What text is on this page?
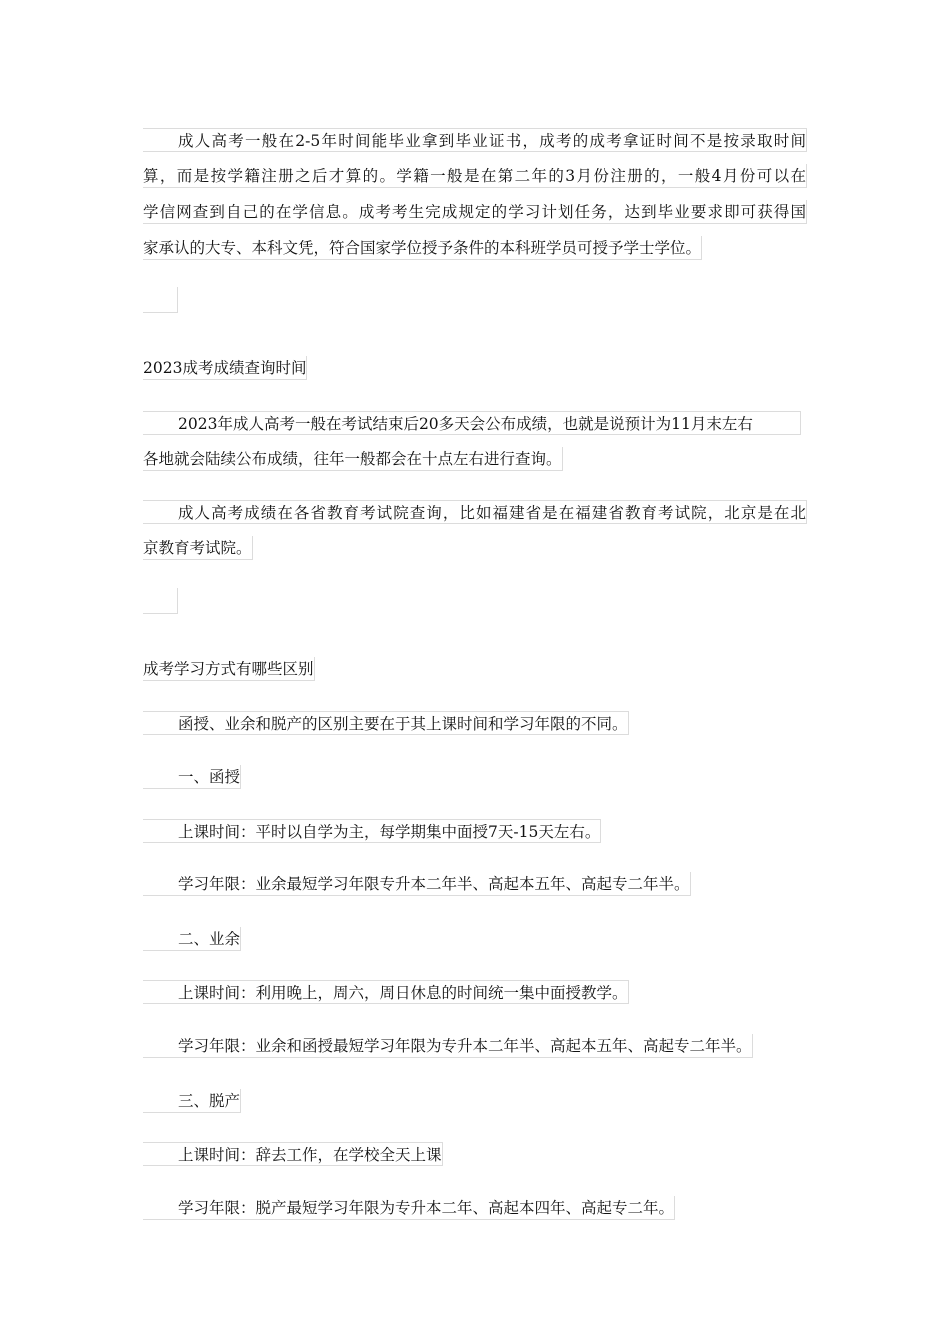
成人高考一般在2-5年时间能毕业拿到毕业证书，成考的成考拿证时间不是按录取时间
算，而是按学籍注册之后才算的。学籍一般是在第二年的3月份注册的，一般4月份可以在
学信网查到自己的在学信息。成考考生完成规定的学习计划任务，达到毕业要求即可获得国
家承认的大专、本科文凭，符合国家学位授予条件的本科班学员可授予学士学位。
2023成考成绩查询时间
2023年成人高考一般在考试结束后20多天会公布成绩，也就是说预计为11月末左右
各地就会陆续公布成绩，往年一般都会在十点左右进行查询。
成人高考成绩在各省教育考试院查询，比如福建省是在福建省教育考试院，北京是在北
京教育考试院。
成考学习方式有哪些区别
函授、业余和脱产的区别主要在于其上课时间和学习年限的不同。
一、函授
上课时间：平时以自学为主，每学期集中面授7天-15天左右。
学习年限：业余最短学习年限专升本二年半、高起本五年、高起专二年半。
二、业余
上课时间：利用晚上，周六，周日休息的时间统一集中面授教学。
学习年限：业余和函授最短学习年限为专升本二年半、高起本五年、高起专二年半。
三、脱产
上课时间：辞去工作，在学校全天上课
学习年限：脱产最短学习年限为专升本二年、高起本四年、高起专二年。
